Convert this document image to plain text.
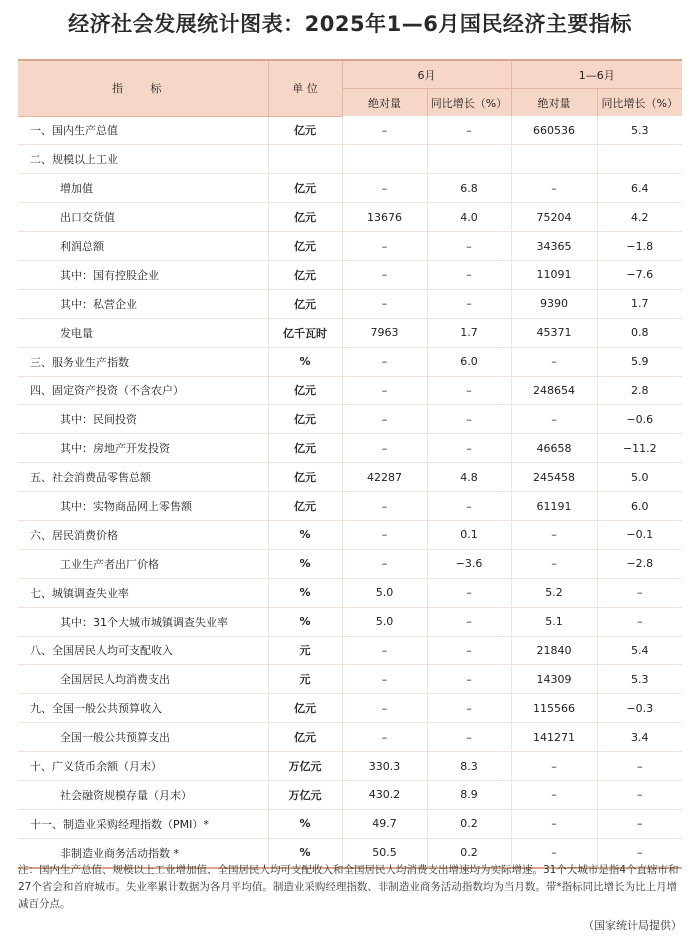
经济社会发展统计图表：2025年1—6月国民经济主要指标
指 标	单 位	6月		1—6月	
		绝对量	同比增长（%）	绝对量	同比增长（%）
一、国内生产总值	亿元	–	–	660536	5.3
二、规模以上工业					
增加值	亿元	–	6.8	–	6.4
出口交货值	亿元	13676	4.0	75204	4.2
利润总额	亿元	–	–	34365	−1.8
其中：国有控股企业	亿元	–	–	11091	−7.6
其中：私营企业	亿元	–	–	9390	1.7
发电量	亿千瓦时	7963	1.7	45371	0.8
三、服务业生产指数	%	–	6.0	–	5.9
四、固定资产投资（不含农户）	亿元	–	–	248654	2.8
其中：民间投资	亿元	–	–	–	−0.6
其中：房地产开发投资	亿元	–	–	46658	−11.2
五、社会消费品零售总额	亿元	42287	4.8	245458	5.0
其中：实物商品网上零售额	亿元	–	–	61191	6.0
六、居民消费价格	%	–	0.1	–	−0.1
工业生产者出厂价格	%	–	−3.6	–	−2.8
七、城镇调查失业率	%	5.0	–	5.2	–
其中：31个大城市城镇调查失业率	%	5.0	–	5.1	–
八、全国居民人均可支配收入	元	–	–	21840	5.4
全国居民人均消费支出	元	–	–	14309	5.3
九、全国一般公共预算收入	亿元	–	–	115566	−0.3
全国一般公共预算支出	亿元	–	–	141271	3.4
十、广义货币余额（月末）	万亿元	330.3	8.3	–	–
社会融资规模存量（月末）	万亿元	430.2	8.9	–	–
十一、制造业采购经理指数（PMI）*	%	49.7	0.2	–	–
非制造业商务活动指数 *	%	50.5	0.2	–	–
注：国内生产总值、规模以上工业增加值、全国居民人均可支配收入和全国居民人均消费支出增速均为实际增速。31个大城市是指4个直辖市和27个省会和首府城市。失业率累计数据为各月平均值。制造业采购经理指数、非制造业商务活动指数均为当月数。带*指标同比增长为比上月增减百分点。
（国家统计局提供）
